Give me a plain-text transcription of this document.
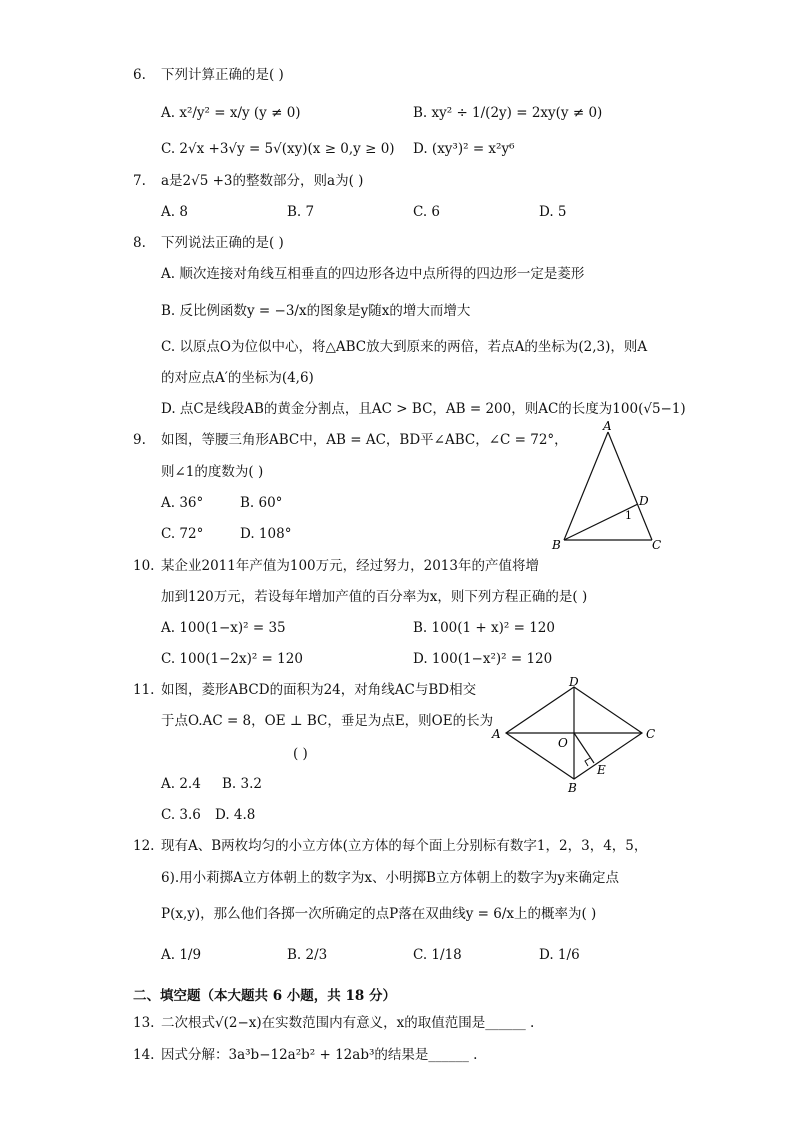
6. 下列计算正确的是( )
A. x²/y² = x/y (y ≠ 0)	B. xy² ÷ 1/(2y) = 2xy(y ≠ 0)
C. 2√x +3√y = 5√(xy)(x ≥ 0,y ≥ 0) D. (xy³)² = x²y⁶
7. a是2√5 +3的整数部分，则a为( )
A. 8	B. 7	C. 6	D. 5
8. 下列说法正确的是( )
A. 顺次连接对角线互相垂直的四边形各边中点所得的四边形一定是菱形
B. 反比例函数y = −3/x的图象是y随x的增大而增大
C. 以原点O为位似中心，将△ABC放大到原来的两倍，若点A的坐标为(2,3)，则A
的对应点A′的坐标为(4,6)
D. 点C是线段AB的黄金分割点，且AC > BC，AB = 200，则AC的长度为100(√5−1)
9. 如图，等腰三角形ABC中，AB = AC，BD平∠ABC，∠C = 72°，
则∠1的度数为( )
A. 36°	B. 60°
C. 72°	D. 108°
A
B	C
D
1
10. 某企业2011年产值为100万元，经过努力，2013年的产值将增
加到120万元，若设每年增加产值的百分率为x，则下列方程正确的是( )
A. 100(1−x)² = 35	B. 100(1 + x)² = 120
C. 100(1−2x)² = 120	D. 100(1−x²)² = 120
11. 如图，菱形ABCD的面积为24，对角线AC与BD相交
于点O.AC = 8，OE ⊥ BC，垂足为点E，则OE的长为
( )
A. 2.4 B. 3.2
C. 3.6 D. 4.8
D
A	C
B
O
E
12. 现有A、B两枚均匀的小立方体(立方体的每个面上分别标有数字1，2，3，4，5，
6).用小莉掷A立方体朝上的数字为x、小明掷B立方体朝上的数字为y来确定点
P(x,y)，那么他们各掷一次所确定的点P落在双曲线y = 6/x上的概率为( )
A. 1/9	B. 2/3	C. 1/18	D. 1/6
二、填空题（本大题共 6 小题，共 18 分）
13. 二次根式√(2−x)在实数范围内有意义，x的取值范围是______ .
14. 因式分解：3a³b−12a²b² + 12ab³的结果是______ .
